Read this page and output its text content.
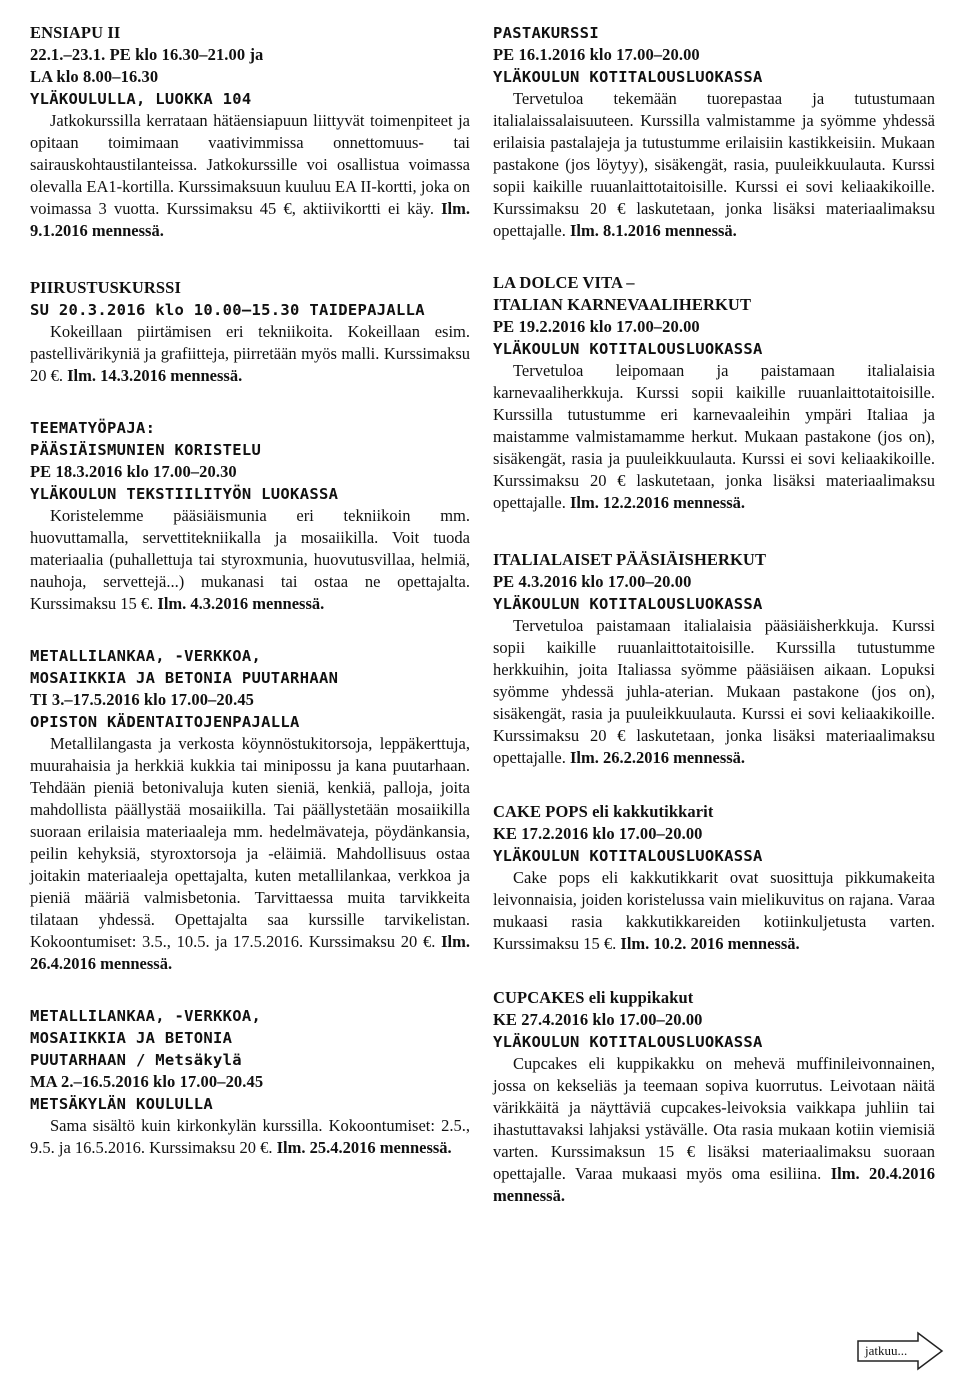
ENSIAPU II

22.1.–23.1. PE klo 16.30–21.00 ja

LA klo 8.00–16.30

YLÄKOULULLA, LUOKKA 104

Jatkokurssilla kerrataan hätäensiapuun liittyvät toimenpiteet ja opitaan toimimaan vaativimmissa onnettomuus- tai sairauskohtaustilanteissa. Jatkokurssille voi osallistua voimassa olevalla EA1-kortilla. Kurssimaksuun kuuluu EA II-kortti, joka on voimassa 3 vuotta. Kurssimaksu 45 €, aktiivikortti ei käy. Ilm. 9.1.2016 mennessä.

PIIRUSTUSKURSSI

SU 20.3.2016 klo 10.00–15.30 TAIDEPAJALLA

Kokeillaan piirtämisen eri tekniikoita. Kokeillaan esim. pastellivärikyniä ja grafiitteja, piirretään myös malli. Kurssimaksu 20 €. Ilm. 14.3.2016 mennessä.

TEEMATYÖPAJA:

PÄÄSIÄISMUNIEN KORISTELU

PE 18.3.2016 klo 17.00–20.30

YLÄKOULUN TEKSTIILITYÖN LUOKASSA

Koristelemme pääsiäismunia eri tekniikoin mm. huovuttamalla, servettitekniikalla ja mosaiikilla. Voit tuoda materiaalia (puhallettuja tai styroxmunia, huovutusvillaa, helmiä, nauhoja, servettejä...) mukanasi tai ostaa ne opettajalta. Kurssimaksu 15 €. Ilm. 4.3.2016 mennessä.

METALLILANKAA, -VERKKOA,

MOSAIIKKIA JA BETONIA PUUTARHAAN

TI 3.–17.5.2016 klo 17.00–20.45

OPISTON KÄDENTAITOJENPAJALLA

Metallilangasta ja verkosta köynnöstukitorsoja, leppäkerttuja, muurahaisia ja herkkiä kukkia tai minipossu ja kana puutarhaan. Tehdään pieniä betonivaluja kuten sieniä, kenkiä, palloja, joita mahdollista päällystää mosaiikilla. Tai päällystetään mosaiikilla suoraan erilaisia materiaaleja mm. hedelmävateja, pöydänkansia, peilin kehyksiä, styroxtorsoja ja -eläimiä. Mahdollisuus ostaa joitakin materiaaleja opettajalta, kuten metallilankaa, verkkoa ja pieniä määriä valmisbetonia. Tarvittaessa muita tarvikkeita tilataan yhdessä. Opettajalta saa kurssille tarvikelistan. Kokoontumiset: 3.5., 10.5. ja 17.5.2016. Kurssimaksu 20 €. Ilm. 26.4.2016 mennessä.

METALLILANKAA, -VERKKOA,

MOSAIIKKIA JA BETONIA

PUUTARHAAN / Metsäkylä

MA 2.–16.5.2016 klo 17.00–20.45

METSÄKYLÄN KOULULLA

Sama sisältö kuin kirkonkylän kurssilla. Kokoontumiset: 2.5., 9.5. ja 16.5.2016. Kurssimaksu 20 €. Ilm. 25.4.2016 mennessä.

PASTAKURSSI

PE 16.1.2016 klo 17.00–20.00

YLÄKOULUN KOTITALOUSLUOKASSA

Tervetuloa tekemään tuorepastaa ja tutustumaan italialaissalaisuuteen. Kurssilla valmistamme ja syömme yhdessä erilaisia pastalajeja ja tutustumme erilaisiin kastikkeisiin. Mukaan pastakone (jos löytyy), sisäkengät, rasia, puuleikkuulauta. Kurssi sopii kaikille ruuanlaittotaitoisille. Kurssi ei sovi keliaakikoille. Kurssimaksu 20 € laskutetaan, jonka lisäksi materiaalimaksu opettajalle. Ilm. 8.1.2016 mennessä.

LA DOLCE VITA –

ITALIAN KARNEVAALIHERKUT

PE 19.2.2016 klo 17.00–20.00

YLÄKOULUN KOTITALOUSLUOKASSA

Tervetuloa leipomaan ja paistamaan italialaisia karnevaaliherkkuja. Kurssi sopii kaikille ruuanlaittotaitoisille. Kurssilla tutustumme eri karnevaaleihin ympäri Italiaa ja maistamme valmistamamme herkut. Mukaan pastakone (jos on), sisäkengät, rasia ja puuleikkuulauta. Kurssi ei sovi keliaakikoille. Kurssimaksu 20 € laskutetaan, jonka lisäksi materiaalimaksu opettajalle. Ilm. 12.2.2016 mennessä.

ITALIALAISET PÄÄSIÄISHERKUT

PE 4.3.2016 klo 17.00–20.00

YLÄKOULUN KOTITALOUSLUOKASSA

Tervetuloa paistamaan italialaisia pääsiäisherkkuja. Kurssi sopii kaikille ruuanlaittotaitoisille. Kurssilla tutustumme herkkuihin, joita Italiassa syömme pääsiäisen aikaan. Lopuksi syömme yhdessä juhla-aterian. Mukaan pastakone (jos on), sisäkengät, rasia ja puuleikkuulauta. Kurssi ei sovi keliaakikoille. Kurssimaksu 20 € laskutetaan, jonka lisäksi materiaalimaksu opettajalle. Ilm. 26.2.2016 mennessä.

CAKE POPS eli kakkutikkarit

KE 17.2.2016 klo 17.00–20.00

YLÄKOULUN KOTITALOUSLUOKASSA

Cake pops eli kakkutikkarit ovat suosittuja pikkumakeita leivonnaisia, joiden koristelussa vain mielikuvitus on rajana. Varaa mukaasi rasia kakkutikkareiden kotiinkuljetusta varten. Kurssimaksu 15 €. Ilm. 10.2. 2016 mennessä.

CUPCAKES eli kuppikakut

KE 27.4.2016 klo 17.00–20.00

YLÄKOULUN KOTITALOUSLUOKASSA

Cupcakes eli kuppikakku on mehevä muffinileivonnainen, jossa on kekseliäs ja teemaan sopiva kuorrutus. Leivotaan näitä värikkäitä ja näyttäviä cupcakes-leivoksia vaikkapa juhliin tai ihastuttavaksi lahjaksi ystävälle. Ota rasia mukaan kotiin viemisiä varten. Kurssimaksun 15 € lisäksi materiaalimaksu suoraan opettajalle. Varaa mukaasi myös oma esiliina. Ilm. 20.4.2016 mennessä.

jatkuu...
